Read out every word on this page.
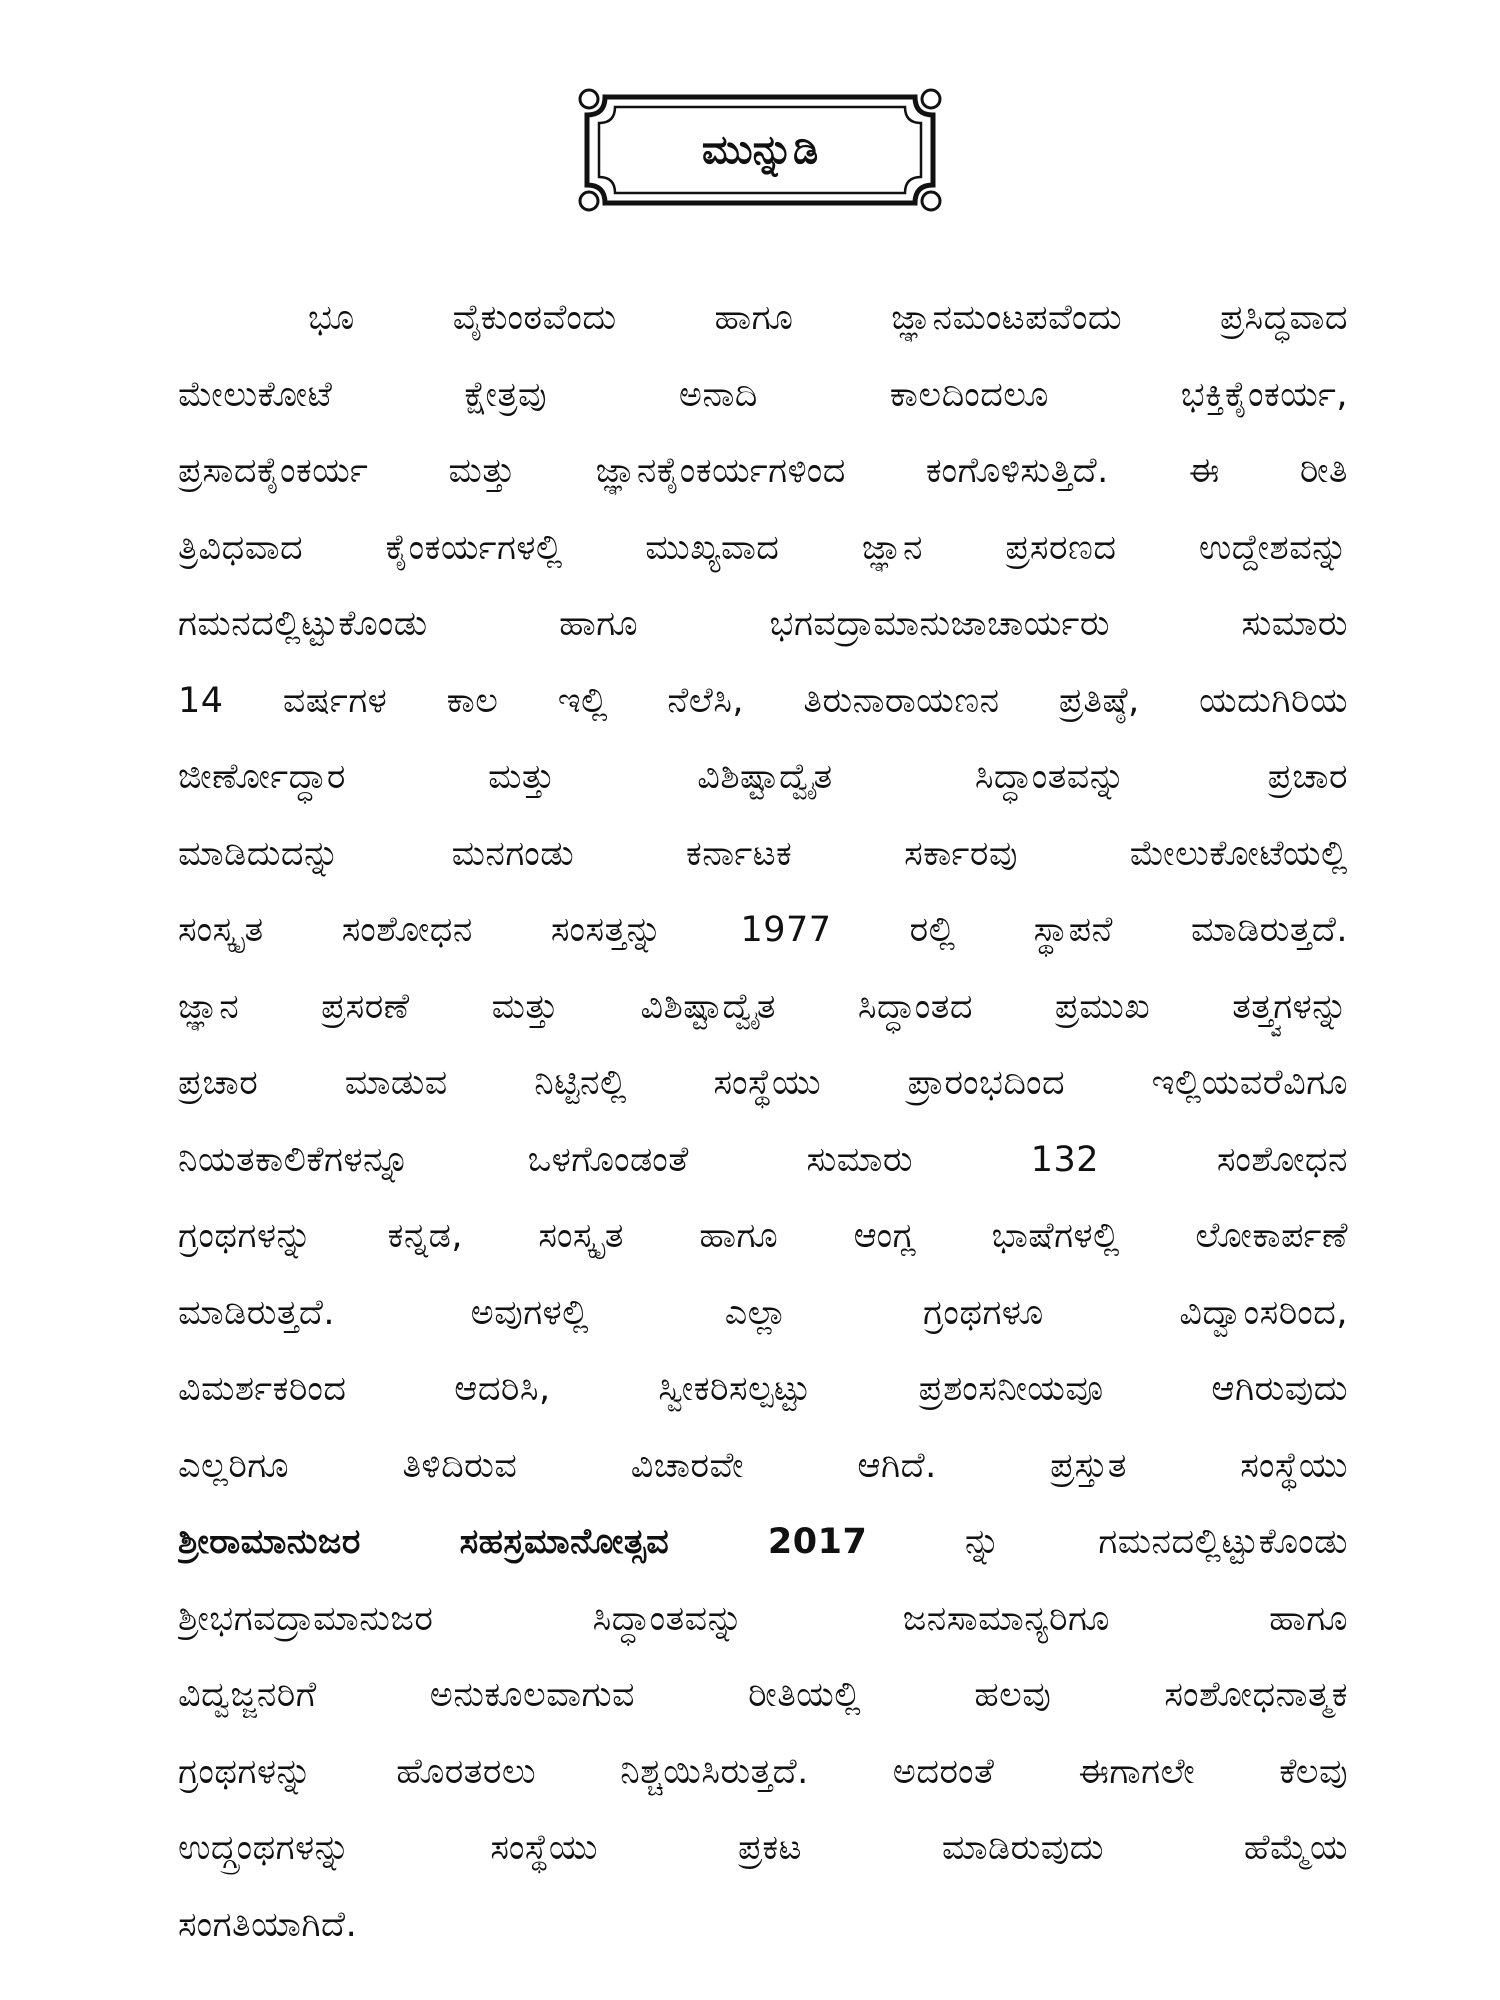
ಮುನ್ನುಡಿ
ಭೂ ವೈಕುಂಠವೆಂದು ಹಾಗೂ ಜ್ಞಾನಮಂಟಪವೆಂದು ಪ್ರಸಿದ್ಧವಾದ
ಮೇಲುಕೋಟೆ ಕ್ಷೇತ್ರವು ಅನಾದಿ ಕಾಲದಿಂದಲೂ ಭಕ್ತಿಕೈಂಕರ್ಯ,
ಪ್ರಸಾದಕೈಂಕರ್ಯ ಮತ್ತು ಜ್ಞಾನಕೈಂಕರ್ಯಗಳಿಂದ ಕಂಗೊಳಿಸುತ್ತಿದೆ. ಈ ರೀತಿ
ತ್ರಿವಿಧವಾದ ಕೈಂಕರ್ಯಗಳಲ್ಲಿ ಮುಖ್ಯವಾದ ಜ್ಞಾನ ಪ್ರಸರಣದ ಉದ್ದೇಶವನ್ನು
ಗಮನದಲ್ಲಿಟ್ಟುಕೊಂಡು ಹಾಗೂ ಭಗವದ್ರಾಮಾನುಜಾಚಾರ್ಯರು ಸುಮಾರು
14 ವರ್ಷಗಳ ಕಾಲ ಇಲ್ಲಿ ನೆಲೆಸಿ, ತಿರುನಾರಾಯಣನ ಪ್ರತಿಷ್ಠೆ, ಯದುಗಿರಿಯ
ಜೀರ್ಣೋದ್ಧಾರ ಮತ್ತು ವಿಶಿಷ್ಟಾದ್ವೈತ ಸಿದ್ಧಾಂತವನ್ನು ಪ್ರಚಾರ
ಮಾಡಿದುದನ್ನು ಮನಗಂಡು ಕರ್ನಾಟಕ ಸರ್ಕಾರವು ಮೇಲುಕೋಟೆಯಲ್ಲಿ
ಸಂಸ್ಕೃತ ಸಂಶೋಧನ ಸಂಸತ್ತನ್ನು 1977 ರಲ್ಲಿ ಸ್ಥಾಪನೆ ಮಾಡಿರುತ್ತದೆ.
ಜ್ಞಾನ ಪ್ರಸರಣೆ ಮತ್ತು ವಿಶಿಷ್ಟಾದ್ವೈತ ಸಿದ್ಧಾಂತದ ಪ್ರಮುಖ ತತ್ತ್ವಗಳನ್ನು
ಪ್ರಚಾರ ಮಾಡುವ ನಿಟ್ಟಿನಲ್ಲಿ ಸಂಸ್ಥೆಯು ಪ್ರಾರಂಭದಿಂದ ಇಲ್ಲಿಯವರೆವಿಗೂ
ನಿಯತಕಾಲಿಕೆಗಳನ್ನೂ ಒಳಗೊಂಡಂತೆ ಸುಮಾರು 132 ಸಂಶೋಧನ
ಗ್ರಂಥಗಳನ್ನು ಕನ್ನಡ, ಸಂಸ್ಕೃತ ಹಾಗೂ ಆಂಗ್ಲ ಭಾಷೆಗಳಲ್ಲಿ ಲೋಕಾರ್ಪಣೆ
ಮಾಡಿರುತ್ತದೆ. ಅವುಗಳಲ್ಲಿ ಎಲ್ಲಾ ಗ್ರಂಥಗಳೂ ವಿದ್ವಾಂಸರಿಂದ,
ವಿಮರ್ಶಕರಿಂದ ಆದರಿಸಿ, ಸ್ವೀಕರಿಸಲ್ಪಟ್ಟು ಪ್ರಶಂಸನೀಯವೂ ಆಗಿರುವುದು
ಎಲ್ಲರಿಗೂ ತಿಳಿದಿರುವ ವಿಚಾರವೇ ಆಗಿದೆ. ಪ್ರಸ್ತುತ ಸಂಸ್ಥೆಯು
ಶ್ರೀರಾಮಾನುಜರ ಸಹಸ್ರಮಾನೋತ್ಸವ 2017 ನ್ನು ಗಮನದಲ್ಲಿಟ್ಟುಕೊಂಡು
ಶ್ರೀಭಗವದ್ರಾಮಾನುಜರ ಸಿದ್ಧಾಂತವನ್ನು ಜನಸಾಮಾನ್ಯರಿಗೂ ಹಾಗೂ
ವಿದ್ವಜ್ಜನರಿಗೆ ಅನುಕೂಲವಾಗುವ ರೀತಿಯಲ್ಲಿ ಹಲವು ಸಂಶೋಧನಾತ್ಮಕ
ಗ್ರಂಥಗಳನ್ನು ಹೊರತರಲು ನಿಶ್ಚಯಿಸಿರುತ್ತದೆ. ಅದರಂತೆ ಈಗಾಗಲೇ ಕೆಲವು
ಉದ್ಗ್ರಂಥಗಳನ್ನು ಸಂಸ್ಥೆಯು ಪ್ರಕಟ ಮಾಡಿರುವುದು ಹೆಮ್ಮೆಯ
ಸಂಗತಿಯಾಗಿದೆ.
